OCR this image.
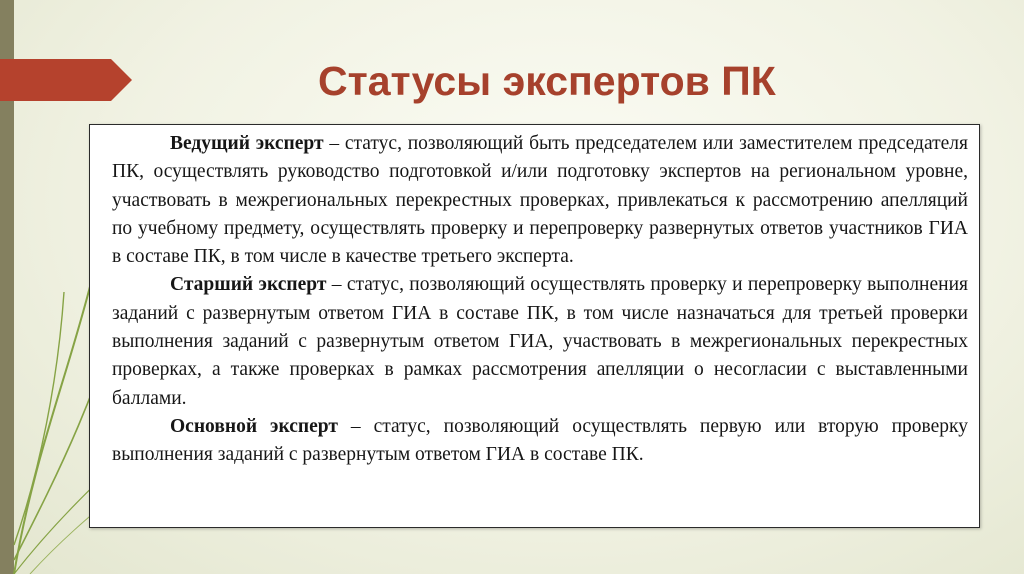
Статусы экспертов ПК

Ведущий эксперт – статус, позволяющий быть председателем или заместителем председателя ПК, осуществлять руководство подготовкой и/или подготовку экспертов на региональном уровне, участвовать в межрегиональных перекрестных проверках, привлекаться к рассмотрению апелляций по учебному предмету, осуществлять проверку и перепроверку развернутых ответов участников ГИА в составе ПК, в том числе в качестве третьего эксперта.

Старший эксперт – статус, позволяющий осуществлять проверку и перепроверку выполнения заданий с развернутым ответом ГИА в составе ПК, в том числе назначаться для третьей проверки выполнения заданий с развернутым ответом ГИА, участвовать в межрегиональных перекрестных проверках, а также проверках в рамках рассмотрения апелляции о несогласии с выставленными баллами.

Основной эксперт – статус, позволяющий осуществлять первую или вторую проверку выполнения заданий с развернутым ответом ГИА в составе ПК.
